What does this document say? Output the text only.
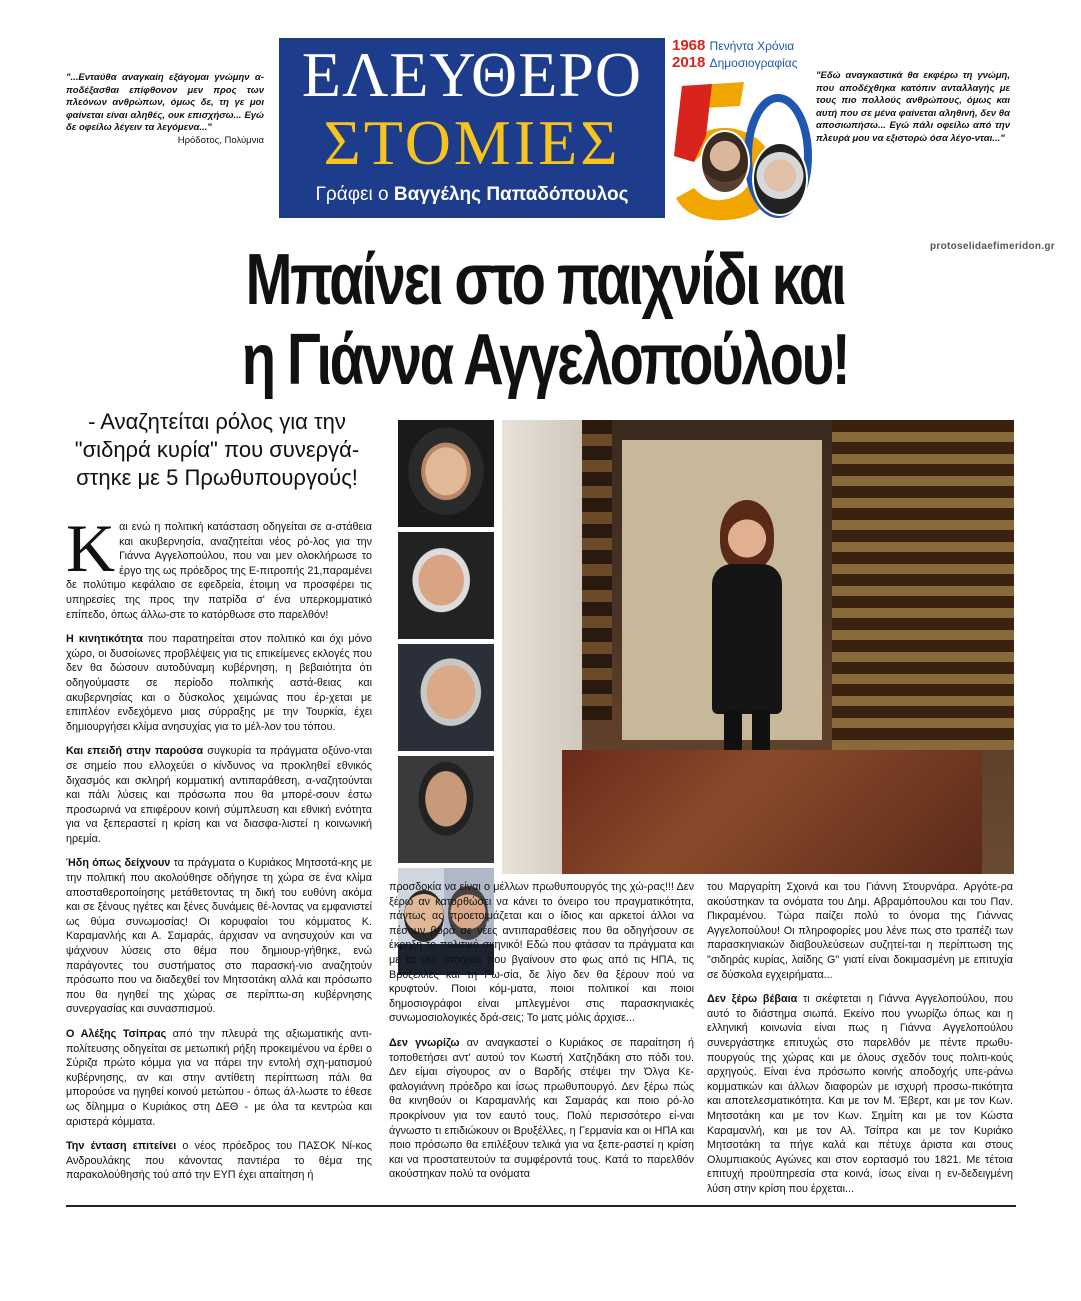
"...Ενταύθα αναγκαίη εξάγομαι γνώμην α-ποδέξασθαι επίφθονον μεν προς των πλεόνων ανθρώπων, όμως δε, τη γε μοι φαίνεται είναι αληθές, ουκ επισχήσω... Εγώ δε οφείλω λέγειν τα λεγόμενα..."
Ηρόδοτος, Πολύμνια
ΕΛΕΥΘΕΡΟ
ΣΤΟΜΙΕΣ
Γράφει ο Βαγγέλης Παπαδόπουλος
1968 Πενήντα Χρόνια
2018 Δημοσιογραφίας
50
"Εδώ αναγκαστικά θα εκφέρω τη γνώμη, που αποδέχθηκα κατόπιν ανταλλαγής με τους πιο πολλούς ανθρώπους, όμως και αυτή που σε μένα φαίνεται αληθινή, δεν θα αποσιωπήσω... Εγώ πάλι οφείλω από την πλευρά μου να εξιστορώ όσα λέγο-νται..."
protoselidaefimeridon.gr
Μπαίνει στο παιχνίδι και
η Γιάννα Αγγελοπούλου!
- Αναζητείται ρόλος για την "σιδηρά κυρία" που συνεργά-στηκε με 5 Πρωθυπουργούς!

Και ενώ η πολιτική κατάσταση οδηγείται σε α-στάθεια και ακυβερνησία, αναζητείται νέος ρό-λος για την Γιάννα Αγγελοπούλου, που ναι μεν ολοκλήρωσε το έργο της ως πρόεδρος της Ε-πιτροπής 21,παραμένει δε πολύτιμο κεφάλαιο σε εφεδρεία, έτοιμη να προσφέρει τις υπηρεσίες της προς την πατρίδα σ' ένα υπερκομματικό επίπεδο, όπως άλλω-στε το κατόρθωσε στο παρελθόν!

Η κινητικότητα που παρατηρείται στον πολιτικό και όχι μόνο χώρο, οι δυσοίωνες προβλέψεις για τις επικείμενες εκλογές που δεν θα δώσουν αυτοδύναμη κυβέρνηση, η βεβαιότητα ότι οδηγούμαστε σε περίοδο πολιτικής αστά-θειας και ακυβερνησίας και ο δύσκολος χειμώνας που έρ-χεται με επιπλέον ενδεχόμενο μιας σύρραξης με την Τουρκία, έχει δημιουργήσει κλίμα ανησυχίας για το μέλ-λον του τόπου.

Και επειδή στην παρούσα συγκυρία τα πράγματα οξύνο-νται σε σημείο που ελλοχεύει ο κίνδυνος να προκληθεί εθνικός διχασμός και σκληρή κομματική αντιπαράθεση, α-ναζητούνται και πάλι λύσεις και πρόσωπα που θα μπορέ-σουν έστω προσωρινά να επιφέρουν κοινή σύμπλευση και εθνική ενότητα για να ξεπεραστεί η κρίση και να διασφα-λιστεί η κοινωνική ηρεμία.

Ήδη όπως δείχνουν τα πράγματα ο Κυριάκος Μητσοτά-κης με την πολιτική που ακολούθησε οδήγησε τη χώρα σε ένα κλίμα αποσταθεροποίησης μετάθετοντας τη δική του ευθύνη ακόμα και σε ξένους ηγέτες και ξένες δυνάμεις θέ-λοντας να εμφανιστεί ως θύμα συνωμοσίας! Οι κορυφαίοι του κόμματος Κ. Καραμανλής και Α. Σαμαράς, άρχισαν να ανησυχούν και να ψάχνουν λύσεις στο θέμα που δημιουρ-γήθηκε, ενώ παράγοντες του συστήματος στο παρασκή-νιο αναζητούν πρόσωπο που να διαδεχθεί τον Μητσοτάκη αλλά και πρόσωπο που θα ηγηθεί της χώρας σε περίπτω-ση κυβέρνησης συνεργασίας και συνασπισμού.

Ο Αλέξης Τσίπρας από την πλευρά της αξιωματικής αντι-πολίτευσης οδηγείται σε μετωπική ρήξη προκειμένου να έρθει ο Σύριζα πρώτο κόμμα για να πάρει την εντολή σχη-ματισμού κυβέρνησης, αν και στην αντίθετη περίπτωση πάλι θα μπορούσε να ηγηθεί κοινού μετώπου - όπως άλ-λωστε το έθεσε ως δίλημμα ο Κυριάκος στη ΔΕΘ - με όλα τα κεντρώα και αριστερά κόμματα.

Την ένταση επιτείνει ο νέος πρόεδρος του ΠΑΣΟΚ Νί-κος Ανδρουλάκης που κάνοντας παντιέρα το θέμα της παρακολούθησής τού από την ΕΥΠ έχει απαίτηση ή

προσδοκία να είναι ο μέλλων πρωθυπουργός της χώ-ρας!!! Δεν ξέρω αν κατορθώσει να κάνει το όνειρο του πραγματικότητα, πάντως ας προετοιμάζεται και ο ίδιος και αρκετοί άλλοι να πέσουν βορά σε νέες αντιπαραθέσεις που θα οδηγήσουν σε έκρηξη το πολιτικό σκηνικό! Εδώ που φτάσαν τα πράγματα και με τα νέα στοιχεία που βγαίνουν στο φως από τις ΗΠΑ, τις Βρυξέλλες και τη Ρω-σία, δε λίγο δεν θα ξέρουν πού να κρυφτούν. Ποιοι κόμ-ματα, ποιοι πολιτικοί και ποιοι δημοσιογράφοι είναι μπλεγμένοι στις παρασκηνιακές συνωμοσιολογικές δρά-σεις; Το ματς μόλις άρχισε...

Δεν γνωρίζω αν αναγκαστεί ο Κυριάκος σε παραίτηση ή τοποθετήσει αντ' αυτού τον Κωστή Χατζηδάκη στο πόδι του. Δεν είμαι σίγουρος αν ο Βαρδής στέψει την Όλγα Κε-φαλογιάννη πρόεδρο και ίσως πρωθυπουργό. Δεν ξέρω πώς θα κινηθούν οι Καραμανλής και Σαμαράς και ποιο ρό-λο προκρίνουν για τον εαυτό τους. Πολύ περισσότερο εί-ναι άγνωστο τι επιδιώκουν οι Βρυξέλλες, η Γερμανία και οι ΗΠΑ και ποιο πρόσωπο θα επιλέξουν τελικά για να ξεπε-ραστεί η κρίση και να προστατευτούν τα συμφέροντά τους. Κατά το παρελθόν ακούστηκαν πολύ τα ονόματα

του Μαργαρίτη Σχοινά και του Γιάννη Στουρνάρα. Αργότε-ρα ακούστηκαν τα ονόματα του Δημ. Αβραμόπουλου και του Παν. Πικραμένου. Τώρα παίζει πολύ το όνομα της Γιάννας Αγγελοπούλου! Οι πληροφορίες μου λένε πως στο τραπέζι των παρασκηνιακών διαβουλεύσεων συζητεί-ται η περίπτωση της "σιδηράς κυρίας, λαίδης G" γιατί είναι δοκιμασμένη με επιτυχία σε δύσκολα εγχειρήματα...

Δεν ξέρω βέβαια τι σκέφτεται η Γιάννα Αγγελοπούλου, που αυτό το διάστημα σιωπά. Εκείνο που γνωρίζω όπως και η ελληνική κοινωνία είναι πως η Γιάννα Αγγελοπούλου συνεργάστηκε επιτυχώς στο παρελθόν με πέντε πρωθυ-πουργούς της χώρας και με όλους σχεδόν τους πολιτι-κούς αρχηγούς. Είναι ένα πρόσωπο κοινής αποδοχής υπε-ράνω κομματικών και άλλων διαφορών με ισχυρή προσω-πικότητα και αποτελεσματικότητα. Και με τον Μ. Έβερτ, και με τον Κων. Μητσοτάκη και με τον Κων. Σημίτη και με τον Κώστα Καραμανλή, και με τον Αλ. Τσίπρα και με τον Κυριάκο Μητσοτάκη τα πήγε καλά και πέτυχε άριστα και στους Ολυμπιακούς Αγώνες και στον εορτασμό του 1821. Με τέτοια επιτυχή προϋπηρεσία στα κοινά, ίσως είναι η εν-δεδειγμένη λύση στην κρίση που έρχεται...
